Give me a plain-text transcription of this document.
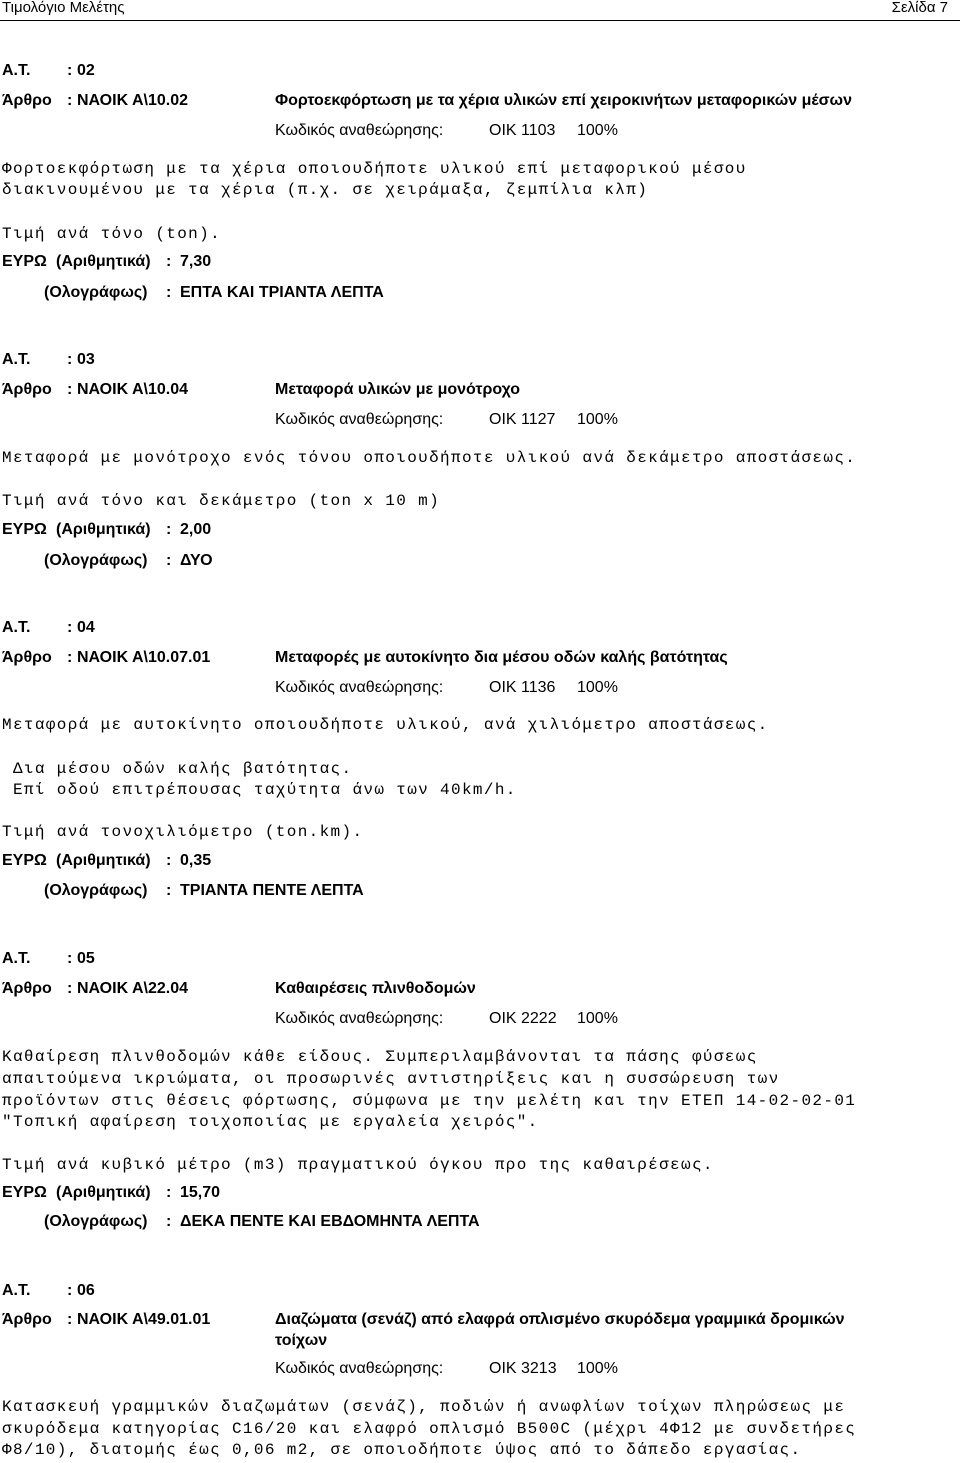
Τιμολόγιο Μελέτης	Σελίδα 7
Α.Τ. : 02
Άρθρο : ΝΑΟΙΚ Α\10.02	Φορτοεκφόρτωση με τα χέρια υλικών επί χειροκινήτων μεταφορικών μέσων
Κωδικός αναθεώρησης:	ΟΙΚ 1103 100%
Φορτοεκφόρτωση με τα χέρια οποιουδήποτε υλικού επί μεταφορικού μέσου
διακινουμένου με τα χέρια (π.χ. σε χειράμαξα, ζεμπίλια κλπ)
Τιμή ανά τόνο (ton).
ΕΥΡΩ (Αριθμητικά) : 7,30
(Ολογράφως) : ΕΠΤΑ ΚΑΙ ΤΡΙΑΝΤΑ ΛΕΠΤΑ
Α.Τ. : 03
Άρθρο : ΝΑΟΙΚ Α\10.04	Μεταφορά υλικών με μονότροχο
Κωδικός αναθεώρησης:	ΟΙΚ 1127 100%
Μεταφορά με μονότροχο ενός τόνου οποιουδήποτε υλικού ανά δεκάμετρο αποστάσεως.
Τιμή ανά τόνο και δεκάμετρο (ton x 10 m)
ΕΥΡΩ (Αριθμητικά) : 2,00
(Ολογράφως) : ΔΥΟ
Α.Τ. : 04
Άρθρο : ΝΑΟΙΚ Α\10.07.01	Μεταφορές με αυτοκίνητο δια μέσου οδών καλής βατότητας
Κωδικός αναθεώρησης:	ΟΙΚ 1136 100%
Μεταφορά με αυτοκίνητο οποιουδήποτε υλικού, ανά χιλιόμετρο αποστάσεως.
Δια μέσου οδών καλής βατότητας.
Επί οδού επιτρέπουσας ταχύτητα άνω των 40km/h.
Τιμή ανά τονοχιλιόμετρο (ton.km).
ΕΥΡΩ (Αριθμητικά) : 0,35
(Ολογράφως) : ΤΡΙΑΝΤΑ ΠΕΝΤΕ ΛΕΠΤΑ
Α.Τ. : 05
Άρθρο : ΝΑΟΙΚ Α\22.04	Καθαιρέσεις πλινθοδομών
Κωδικός αναθεώρησης:	ΟΙΚ 2222 100%
Καθαίρεση πλινθοδομών κάθε είδους. Συμπεριλαμβάνονται τα πάσης φύσεως
απαιτούμενα ικριώματα, οι προσωρινές αντιστηρίξεις και η συσσώρευση των
προϊόντων στις θέσεις φόρτωσης, σύμφωνα με την μελέτη και την ΕΤΕΠ 14-02-02-01
"Τοπική αφαίρεση τοιχοποιίας με εργαλεία χειρός".
Τιμή ανά κυβικό μέτρο (m3) πραγματικού όγκου προ της καθαιρέσεως.
ΕΥΡΩ (Αριθμητικά) : 15,70
(Ολογράφως) : ΔΕΚΑ ΠΕΝΤΕ ΚΑΙ ΕΒΔΟΜΗΝΤΑ ΛΕΠΤΑ
Α.Τ. : 06
Άρθρο : ΝΑΟΙΚ Α\49.01.01	Διαζώματα (σενάζ) από ελαφρά οπλισμένο σκυρόδεμα γραμμικά δρομικών
τοίχων
Κωδικός αναθεώρησης:	ΟΙΚ 3213 100%
Κατασκευή γραμμικών διαζωμάτων (σενάζ), ποδιών ή ανωφλίων τοίχων πληρώσεως με
σκυρόδεμα κατηγορίας C16/20 και ελαφρό οπλισμό B500C (μέχρι 4Φ12 με συνδετήρες
Φ8/10), διατομής έως 0,06 m2, σε οποιοδήποτε ύψος από το δάπεδο εργασίας.
